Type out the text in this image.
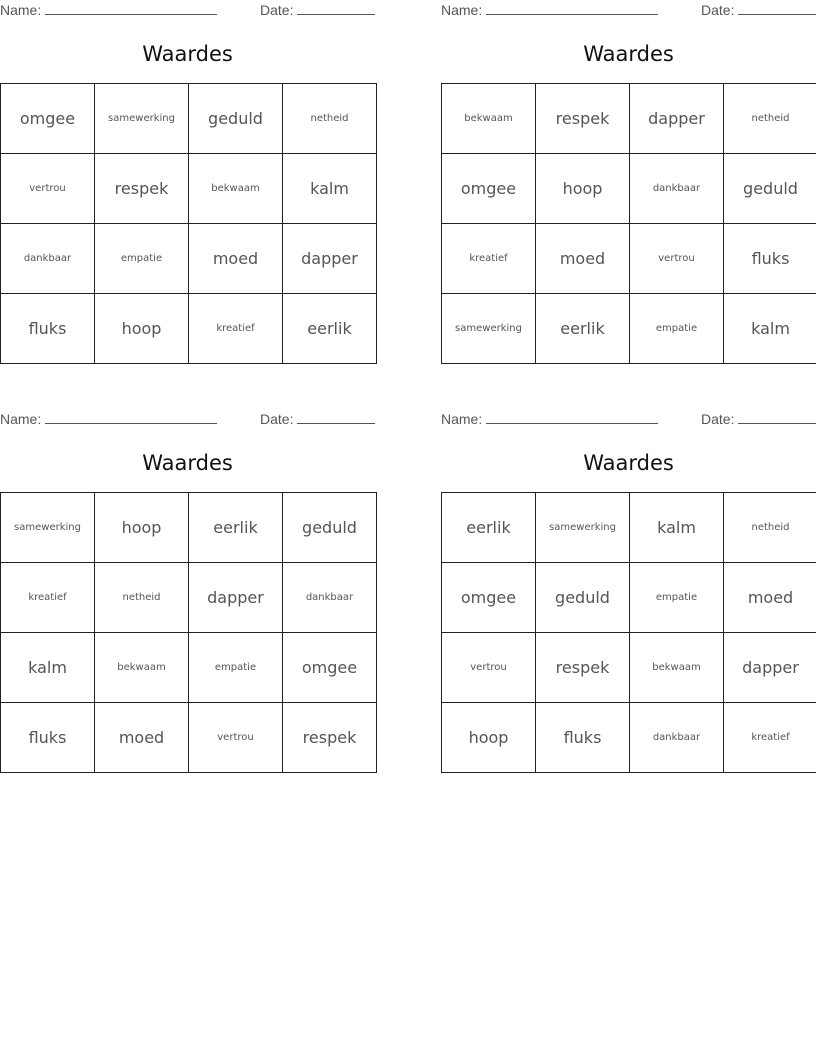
Name:	Date:
Waardes
omgee	samewerking	geduld	netheid
vertrou	respek	bekwaam	kalm
dankbaar	empatie	moed	dapper
fluks	hoop	kreatief	eerlik
Name:	Date:
Waardes
bekwaam	respek	dapper	netheid
omgee	hoop	dankbaar	geduld
kreatief	moed	vertrou	fluks
samewerking	eerlik	empatie	kalm
Name:	Date:
Waardes
samewerking	hoop	eerlik	geduld
kreatief	netheid	dapper	dankbaar
kalm	bekwaam	empatie	omgee
fluks	moed	vertrou	respek
Name:	Date:
Waardes
eerlik	samewerking	kalm	netheid
omgee	geduld	empatie	moed
vertrou	respek	bekwaam	dapper
hoop	fluks	dankbaar	kreatief
